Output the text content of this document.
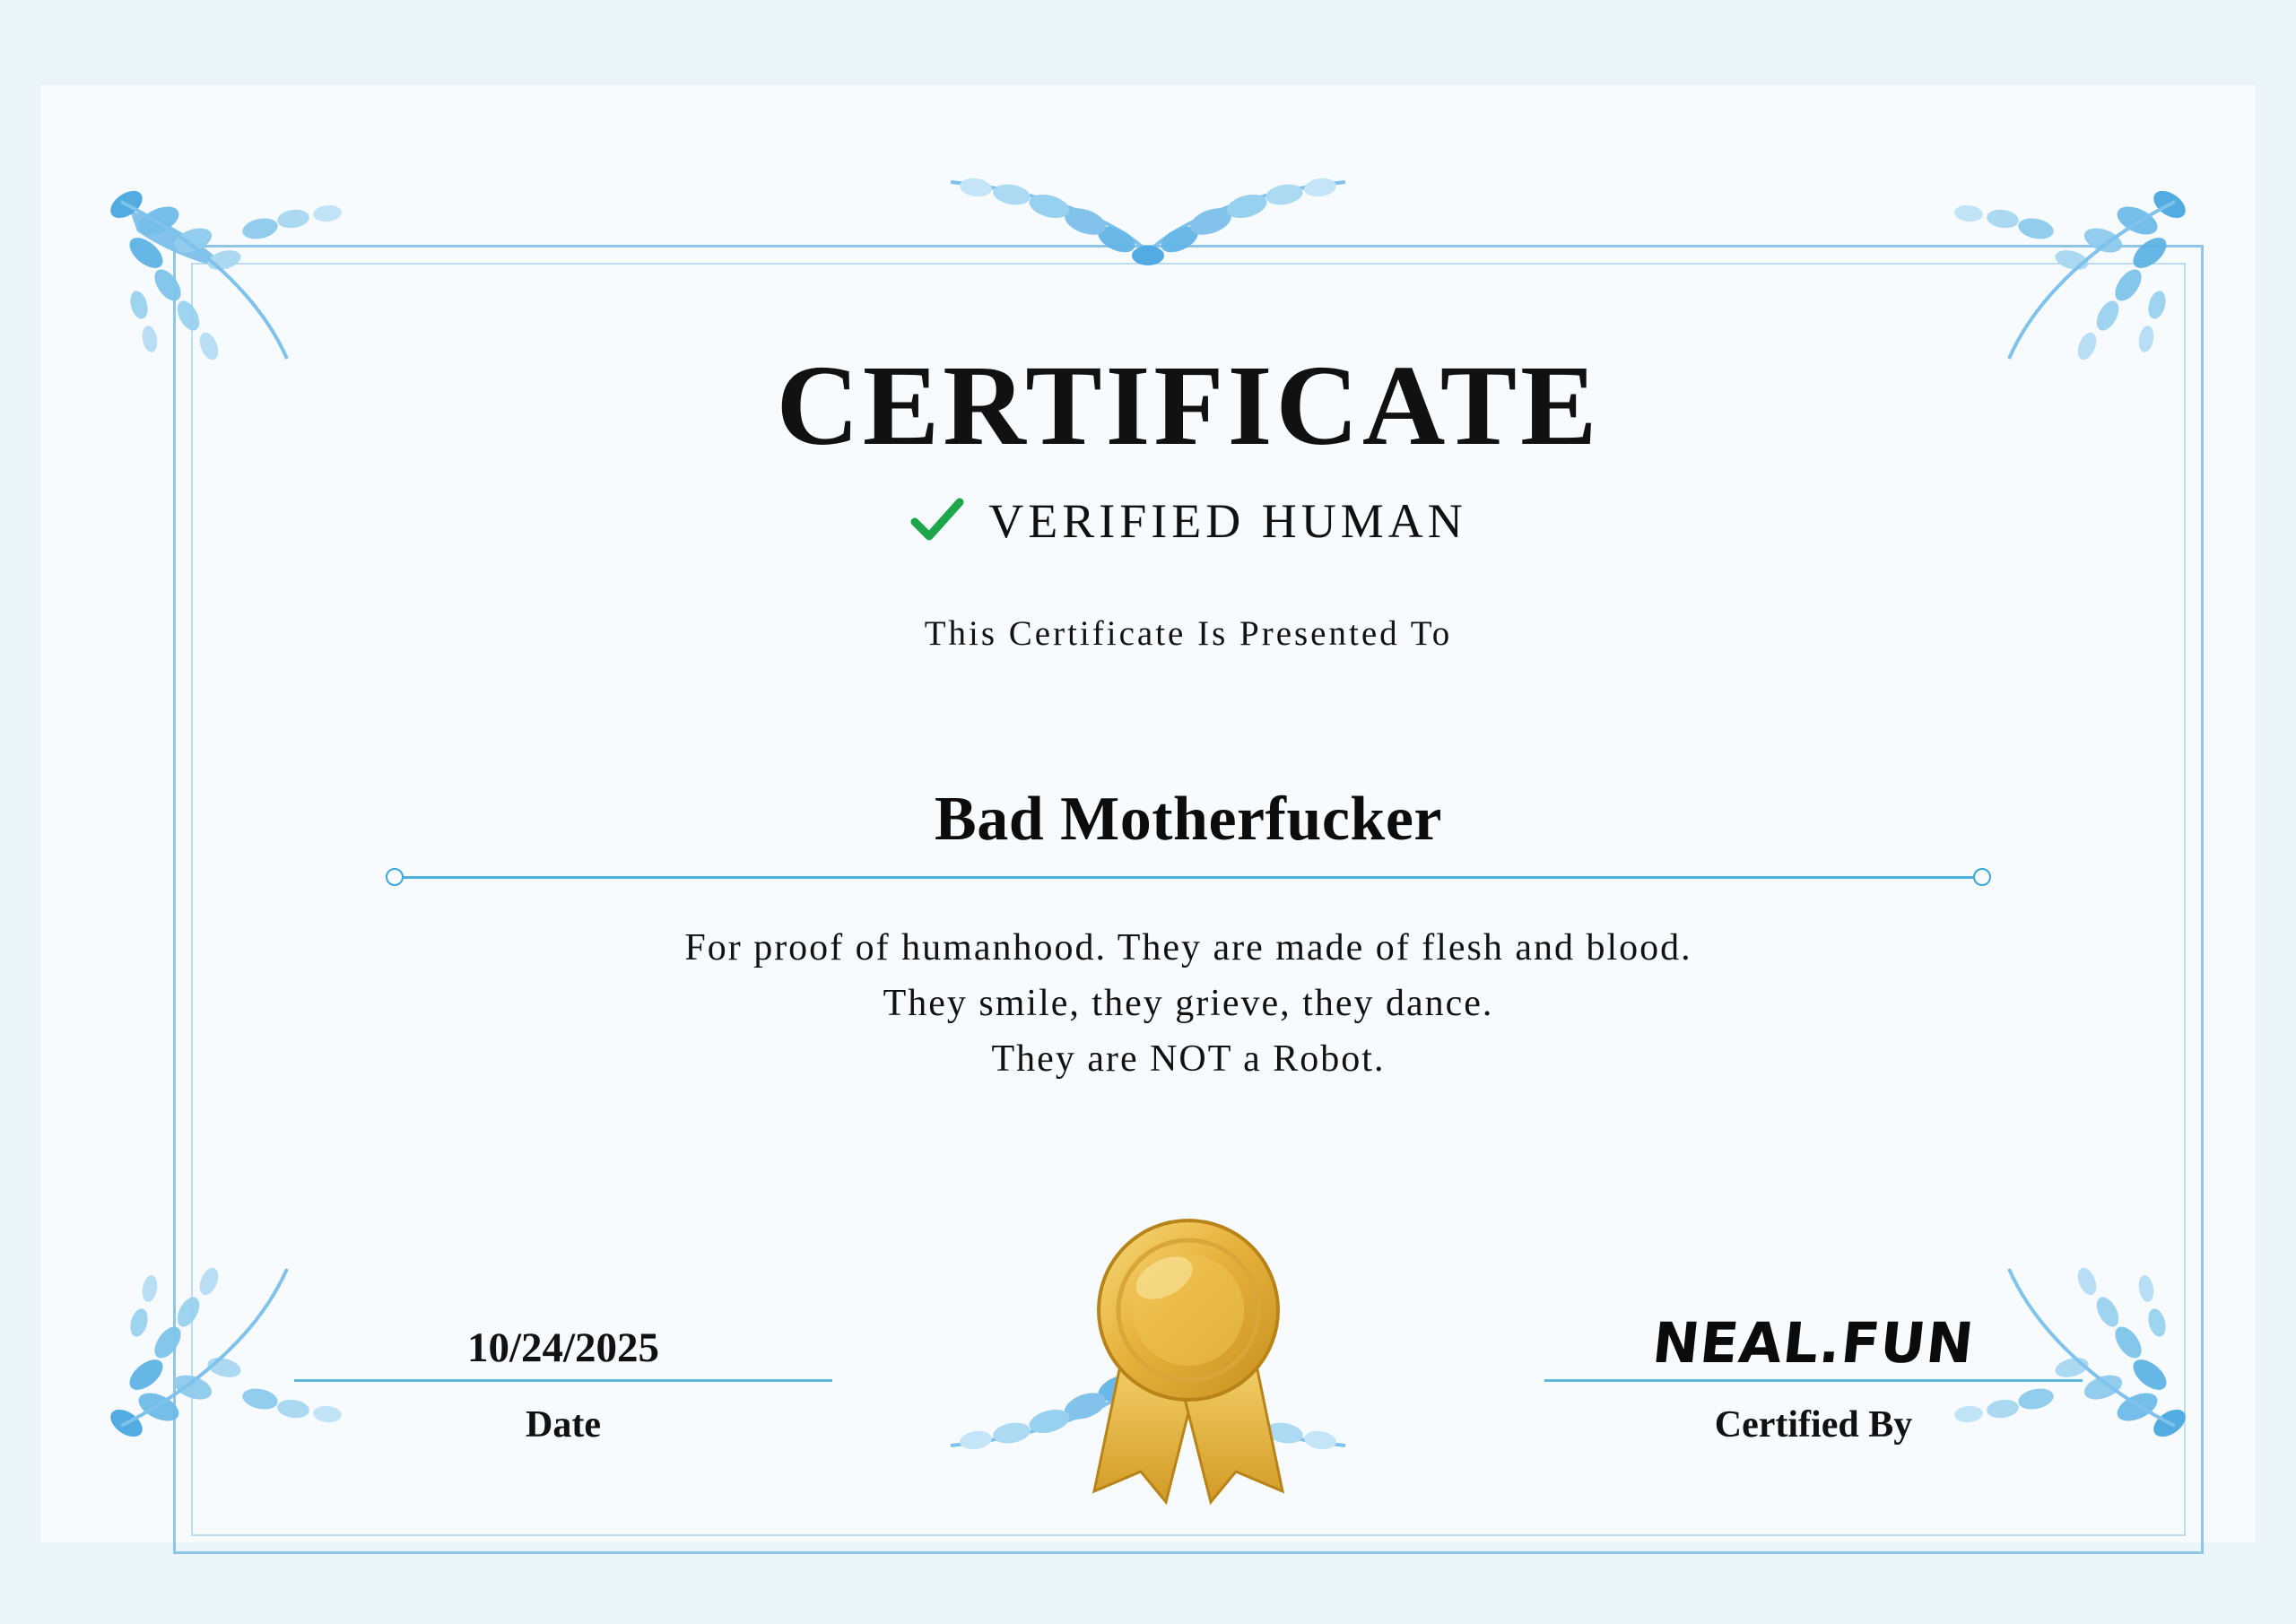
CERTIFICATE
VERIFIED HUMAN
This Certificate Is Presented To
Bad Motherfucker
For proof of humanhood. They are made of flesh and blood.
They smile, they grieve, they dance.
They are NOT a Robot.
10/24/2025
Date
NEAL.FUN
Certified By
